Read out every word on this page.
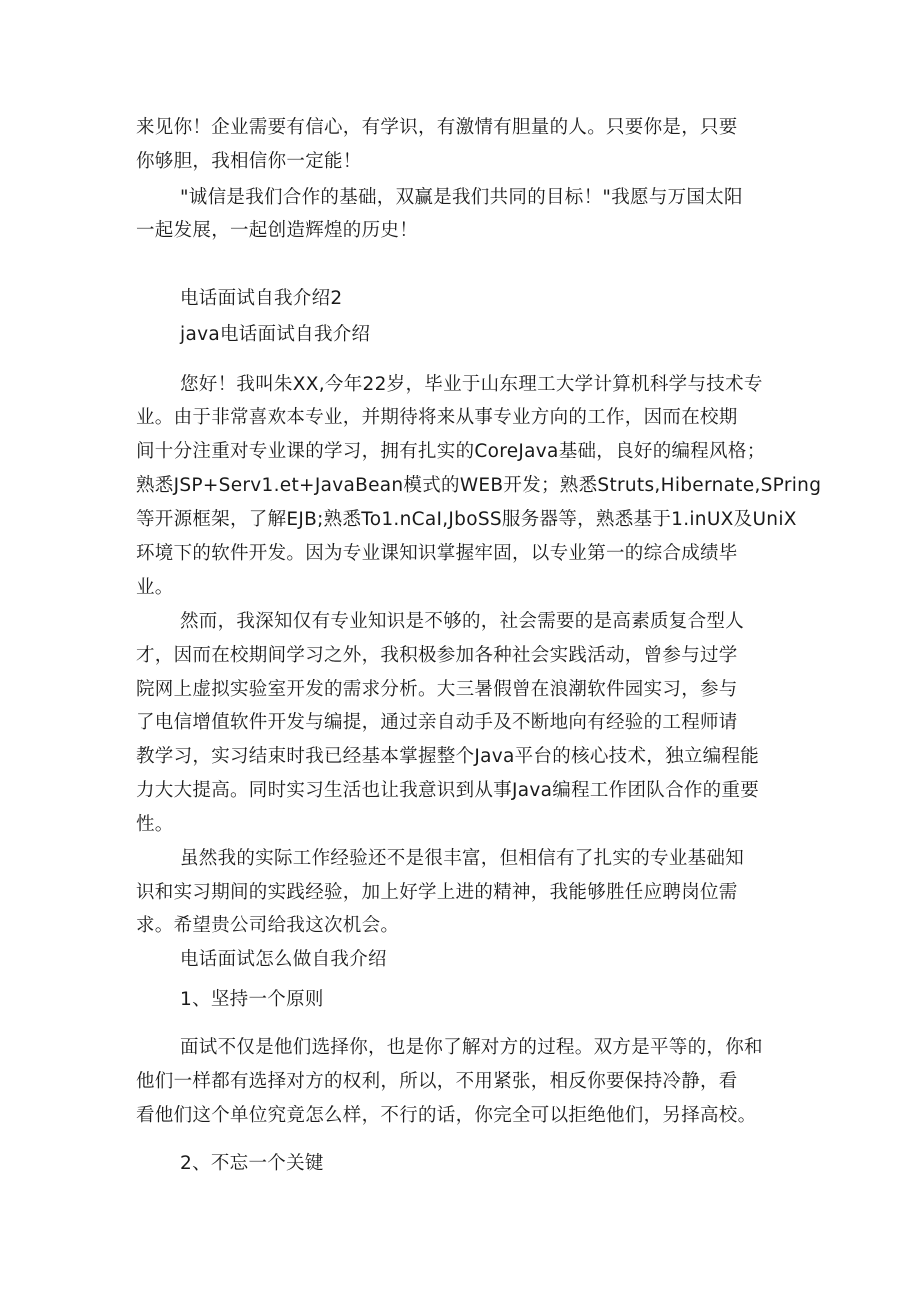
来见你！企业需要有信心，有学识，有激情有胆量的人。只要你是，只要
你够胆，我相信你一定能！
"诚信是我们合作的基础，双赢是我们共同的目标！"我愿与万国太阳
一起发展，一起创造辉煌的历史！
电话面试自我介绍2
java电话面试自我介绍
您好！我叫朱XX,今年22岁，毕业于山东理工大学计算机科学与技术专
业。由于非常喜欢本专业，并期待将来从事专业方向的工作，因而在校期
间十分注重对专业课的学习，拥有扎实的CoreJava基础，良好的编程风格；
熟悉JSP+Serv1.et+JavaBean模式的WEB开发；熟悉Struts,Hibernate,SPring
等开源框架，了解EJB;熟悉To1.nCaI,JboSS服务器等，熟悉基于1.inUX及UniX
环境下的软件开发。因为专业课知识掌握牢固，以专业第一的综合成绩毕
业。
然而，我深知仅有专业知识是不够的，社会需要的是高素质复合型人
才，因而在校期间学习之外，我积极参加各种社会实践活动，曾参与过学
院网上虚拟实验室开发的需求分析。大三暑假曾在浪潮软件园实习，参与
了电信增值软件开发与编提，通过亲自动手及不断地向有经验的工程师请
教学习，实习结束时我已经基本掌握整个Java平台的核心技术，独立编程能
力大大提高。同时实习生活也让我意识到从事Java编程工作团队合作的重要
性。
虽然我的实际工作经验还不是很丰富，但相信有了扎实的专业基础知
识和实习期间的实践经验，加上好学上进的精神，我能够胜任应聘岗位需
求。希望贵公司给我这次机会。
电话面试怎么做自我介绍
1、坚持一个原则
面试不仅是他们选择你，也是你了解对方的过程。双方是平等的，你和
他们一样都有选择对方的权利，所以，不用紧张，相反你要保持冷静，看
看他们这个单位究竟怎么样，不行的话，你完全可以拒绝他们，另择高校。
2、不忘一个关键
